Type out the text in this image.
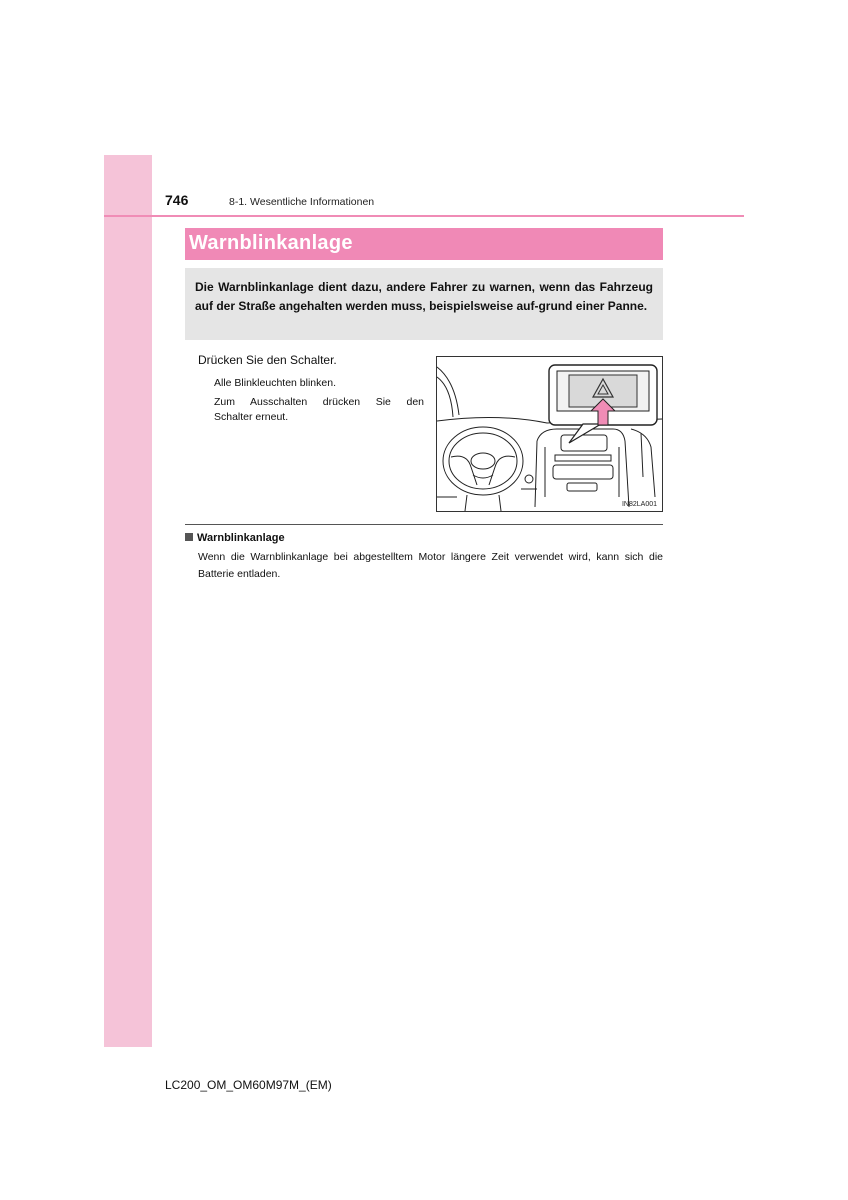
746	8-1. Wesentliche Informationen
Warnblinkanlage
Die Warnblinkanlage dient dazu, andere Fahrer zu warnen, wenn das Fahrzeug auf der Straße angehalten werden muss, beispielsweise auf-grund einer Panne.
Drücken Sie den Schalter.
Alle Blinkleuchten blinken.
Zum Ausschalten drücken Sie den
Schalter erneut.
IN82LA001
Warnblinkanlage
Wenn die Warnblinkanlage bei abgestelltem Motor längere Zeit verwendet wird, kann sich die Batterie entladen.
LC200_OM_OM60M97M_(EM)
